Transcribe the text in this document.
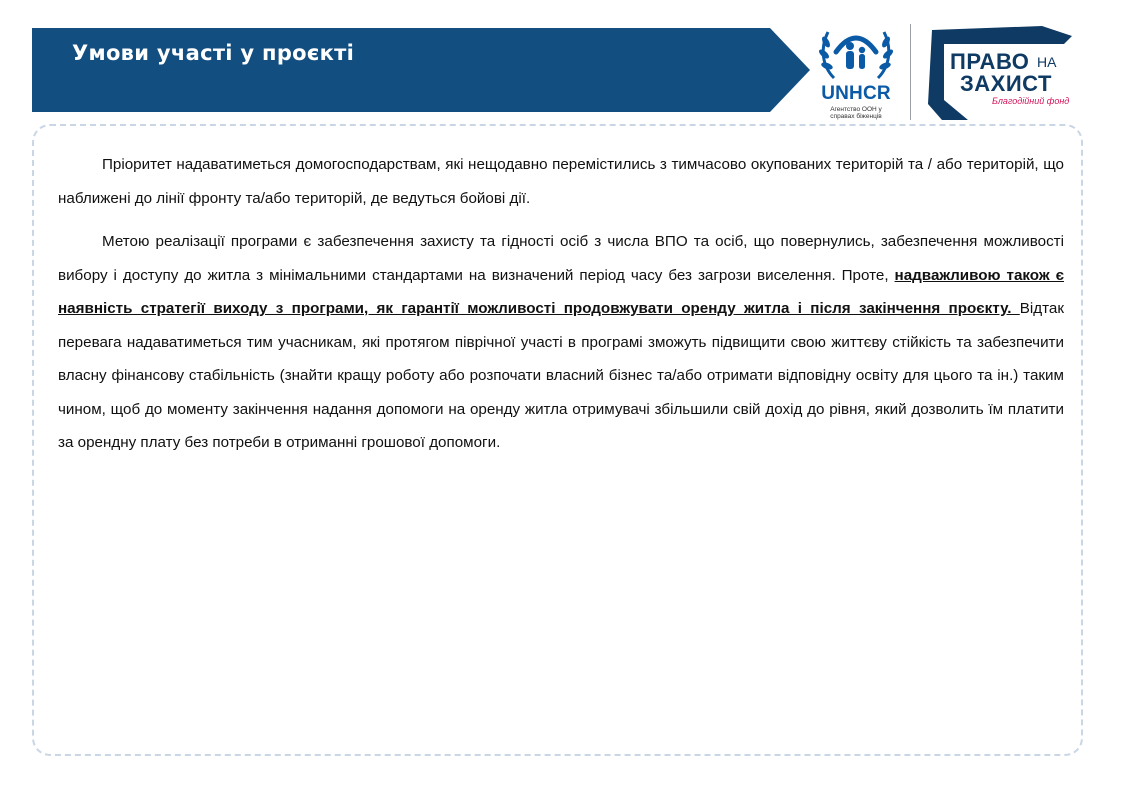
Умови участі у проєкті
UNHCR
Агентство ООН у
справах біженців
ПРАВО НА
ЗАХИСТ
Благодійний фонд

Пріоритет надаватиметься домогосподарствам, які нещодавно перемістились з тимчасово окупованих територій та / або територій, що наближені до лінії фронту та/або територій, де ведуться бойові дії.

Метою реалізації програми є забезпечення захисту та гідності осіб з числа ВПО та осіб, що повернулись, забезпечення можливості вибору і доступу до житла з мінімальними стандартами на визначений період часу без загрози виселення. Проте, надважливою також є наявність стратегії виходу з програми, як гарантії можливості продовжувати оренду житла і після закінчення проєкту. Відтак перевага надаватиметься тим учасникам, які протягом піврічної участі в програмі зможуть підвищити свою життєву стійкість та забезпечити власну фінансову стабільність (знайти кращу роботу або розпочати власний бізнес та/або отримати відповідну освіту для цього та ін.) таким чином, щоб до моменту закінчення надання допомоги на оренду житла отримувачі збільшили свій дохід до рівня, який дозволить їм платити за орендну плату без потреби в отриманні грошової допомоги.
